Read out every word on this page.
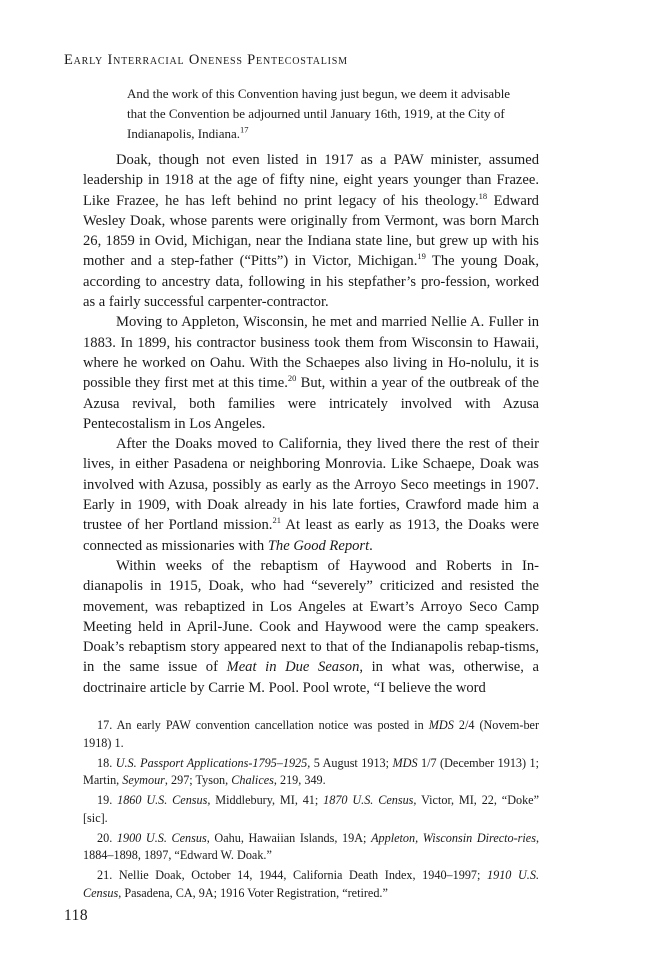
Early Interracial Oneness Pentecostalism

And the work of this Convention having just begun, we deem it advisable that the Convention be adjourned until January 16th, 1919, at the City of Indianapolis, Indiana.$^{17}$

Doak, though not even listed in 1917 as a PAW minister, assumed leadership in 1918 at the age of fifty nine, eight years younger than Frazee. Like Frazee, he has left behind no print legacy of his theology.$^{18}$ Edward Wesley Doak, whose parents were originally from Vermont, was born March 26, 1859 in Ovid, Michigan, near the Indiana state line, but grew up with his mother and a step-father (“Pitts”) in Victor, Michigan.$^{19}$ The young Doak, according to ancestry data, following in his stepfather’s pro-fession, worked as a fairly successful carpenter-contractor.

Moving to Appleton, Wisconsin, he met and married Nellie A. Fuller in 1883. In 1899, his contractor business took them from Wisconsin to Hawaii, where he worked on Oahu. With the Schaepes also living in Ho-nolulu, it is possible they first met at this time.$^{20}$ But, within a year of the outbreak of the Azusa revival, both families were intricately involved with Azusa Pentecostalism in Los Angeles.

After the Doaks moved to California, they lived there the rest of their lives, in either Pasadena or neighboring Monrovia. Like Schaepe, Doak was involved with Azusa, possibly as early as the Arroyo Seco meetings in 1907. Early in 1909, with Doak already in his late forties, Crawford made him a trustee of her Portland mission.$^{21}$ At least as early as 1913, the Doaks were connected as missionaries with The Good Report.

Within weeks of the rebaptism of Haywood and Roberts in In-dianapolis in 1915, Doak, who had “severely” criticized and resisted the movement, was rebaptized in Los Angeles at Ewart’s Arroyo Seco Camp Meeting held in April-June. Cook and Haywood were the camp speakers. Doak’s rebaptism story appeared next to that of the Indianapolis rebap-tisms, in the same issue of Meat in Due Season, in what was, otherwise, a doctrinaire article by Carrie M. Pool. Pool wrote, “I believe the word

17. An early PAW convention cancellation notice was posted in MDS 2/4 (Novem-ber 1918) 1.

18. U.S. Passport Applications-1795–1925, 5 August 1913; MDS 1/7 (December 1913) 1; Martin, Seymour, 297; Tyson, Chalices, 219, 349.

19. 1860 U.S. Census, Middlebury, MI, 41; 1870 U.S. Census, Victor, MI, 22, “Doke” [sic].

20. 1900 U.S. Census, Oahu, Hawaiian Islands, 19A; Appleton, Wisconsin Directo-ries, 1884–1898, 1897, “Edward W. Doak.”

21. Nellie Doak, October 14, 1944, California Death Index, 1940–1997; 1910 U.S. Census, Pasadena, CA, 9A; 1916 Voter Registration, “retired.”

118
